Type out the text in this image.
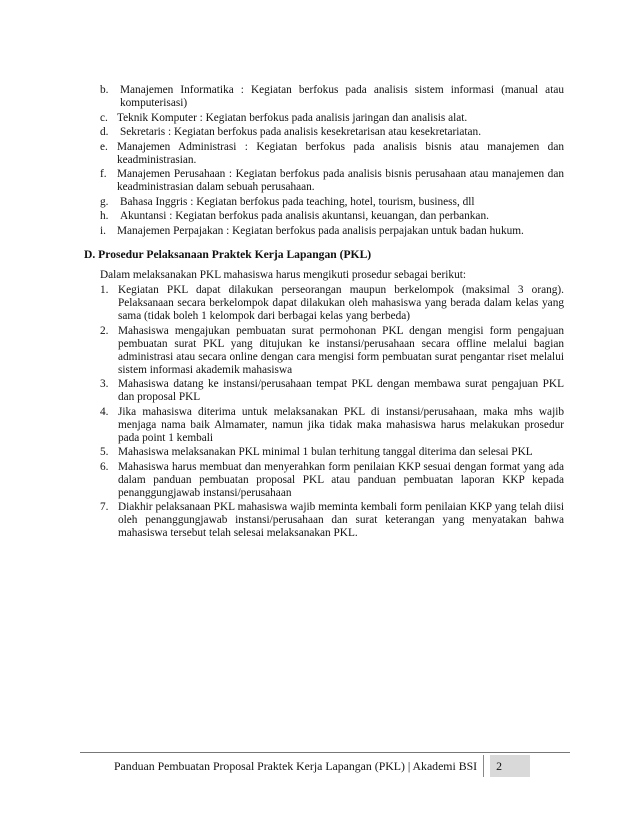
b.	Manajemen Informatika : Kegiatan berfokus pada analisis sistem informasi (manual atau komputerisasi)
c. Teknik Komputer : Kegiatan berfokus pada analisis jaringan dan analisis alat.
d.	Sekretaris : Kegiatan berfokus pada analisis kesekretarisan atau kesekretariatan.
e. Manajemen Administrasi : Kegiatan berfokus pada analisis bisnis atau manajemen dan keadministrasian.
f. Manajemen Perusahaan : Kegiatan berfokus pada analisis bisnis perusahaan atau manajemen dan keadministrasian dalam sebuah perusahaan.
g.	Bahasa Inggris : Kegiatan berfokus pada teaching, hotel, tourism, business, dll
h.	Akuntansi : Kegiatan berfokus pada analisis akuntansi, keuangan, dan perbankan.
i. Manajemen Perpajakan : Kegiatan berfokus pada analisis perpajakan untuk badan hukum.
D. Prosedur Pelaksanaan Praktek Kerja Lapangan (PKL)

Dalam melaksanakan PKL mahasiswa harus mengikuti prosedur sebagai berikut:

1. Kegiatan PKL dapat dilakukan perseorangan maupun berkelompok (maksimal 3 orang). Pelaksanaan secara berkelompok dapat dilakukan oleh mahasiswa yang berada dalam kelas yang sama (tidak boleh 1 kelompok dari berbagai kelas yang berbeda)
2. Mahasiswa mengajukan pembuatan surat permohonan PKL dengan mengisi form pengajuan pembuatan surat PKL yang ditujukan ke instansi/perusahaan secara offline melalui bagian administrasi atau secara online dengan cara mengisi form pembuatan surat pengantar riset melalui sistem informasi akademik mahasiswa
3. Mahasiswa datang ke instansi/perusahaan tempat PKL dengan membawa surat pengajuan PKL dan proposal PKL
4. Jika mahasiswa diterima untuk melaksanakan PKL di instansi/perusahaan, maka mhs wajib menjaga nama baik Almamater, namun jika tidak maka mahasiswa harus melakukan prosedur pada point 1 kembali
5. Mahasiswa melaksanakan PKL minimal 1 bulan terhitung tanggal diterima dan selesai PKL
6. Mahasiswa harus membuat dan menyerahkan form penilaian KKP sesuai dengan format yang ada dalam panduan pembuatan proposal PKL atau panduan pembuatan laporan KKP kepada penanggungjawab instansi/perusahaan
7. Diakhir pelaksanaan PKL mahasiswa wajib meminta kembali form penilaian KKP yang telah diisi oleh penanggungjawab instansi/perusahaan dan surat keterangan yang menyatakan bahwa mahasiswa tersebut telah selesai melaksanakan PKL.
Panduan Pembuatan Proposal Praktek Kerja Lapangan (PKL) | Akademi BSI	2
